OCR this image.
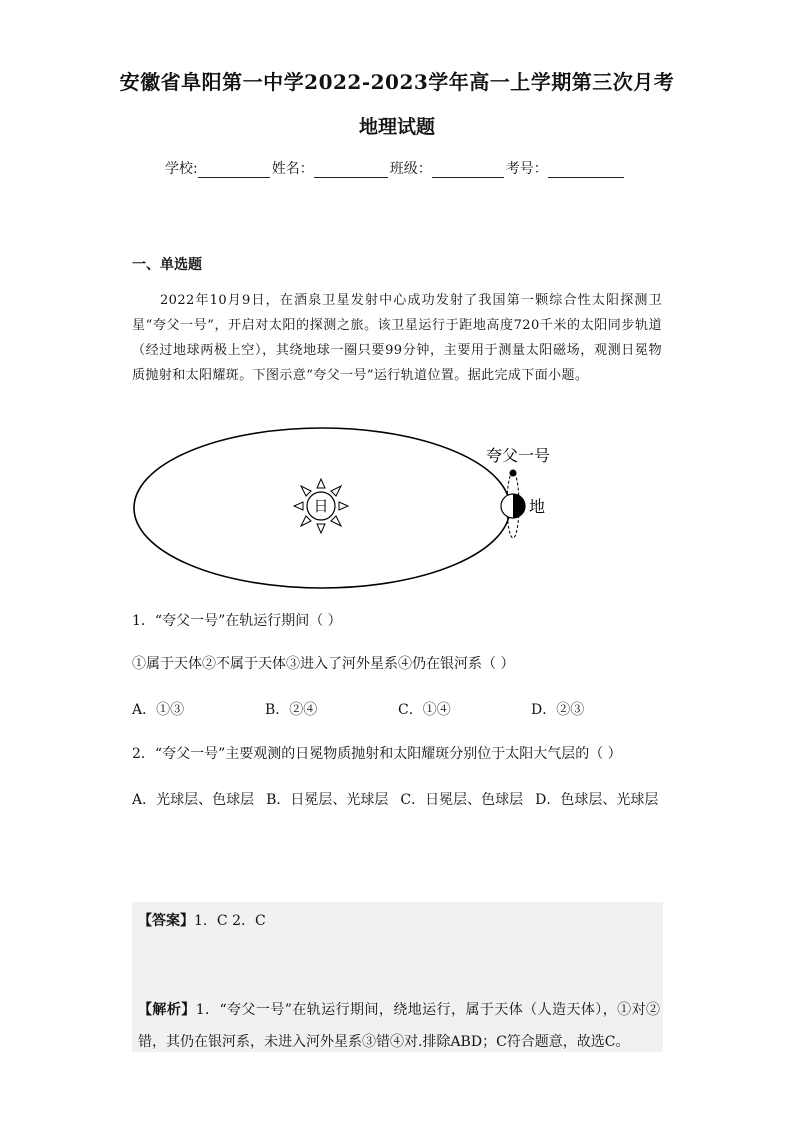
安徽省阜阳第一中学2022-2023学年高一上学期第三次月考
地理试题
学校:	姓名：	班级：	考号：
一、单选题
2022年10月9日，在酒泉卫星发射中心成功发射了我国第一颗综合性太阳探测卫星“夸父一号”，开启对太阳的探测之旅。该卫星运行于距地高度720千米的太阳同步轨道（经过地球两极上空），其绕地球一圈只要99分钟，主要用于测量太阳磁场，观测日冕物质抛射和太阳耀斑。下图示意“夸父一号”运行轨道位置。据此完成下面小题。
日
夸父一号
地
1．“夸父一号”在轨运行期间（ ）
①属于天体②不属于天体③进入了河外星系④仍在银河系（ ）
A．①③	B．②④	C．①④	D．②③
2．“夸父一号”主要观测的日冕物质抛射和太阳耀斑分别位于太阳大气层的（ ）
A．光球层、色球层 B．日冕层、光球层 C．日冕层、色球层 D．色球层、光球层
【答案】1．C 2．C
【解析】1．“夸父一号”在轨运行期间，绕地运行，属于天体（人造天体），①对②错，其仍在银河系，未进入河外星系③错④对.排除ABD；C符合题意，故选C。
